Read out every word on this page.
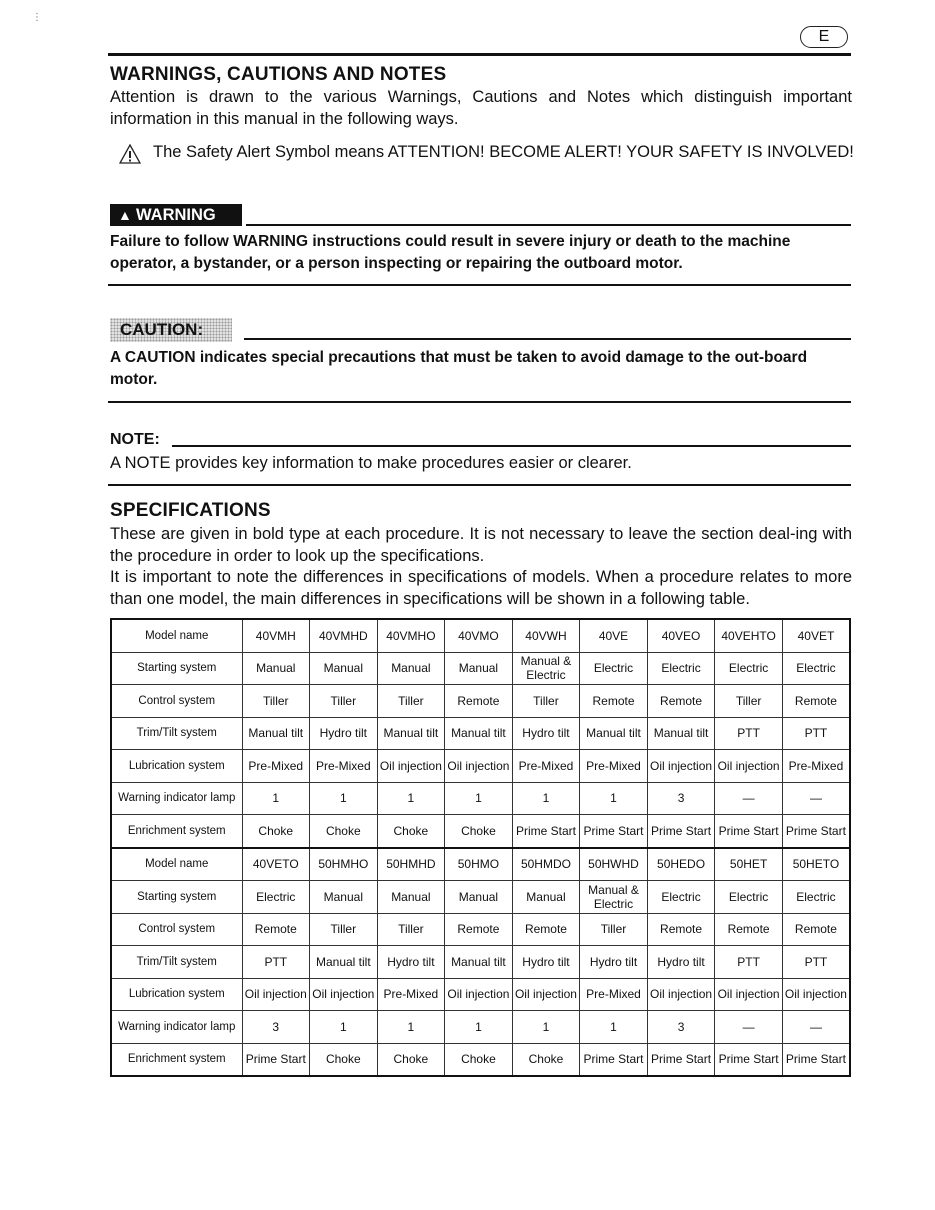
E
WARNINGS, CAUTIONS AND NOTES
Attention is drawn to the various Warnings, Cautions and Notes which distinguish important information in this manual in the following ways.
The Safety Alert Symbol means ATTENTION! BECOME ALERT! YOUR SAFETY IS INVOLVED!
▲ WARNING
Failure to follow WARNING instructions could result in severe injury or death to the machine operator, a bystander, or a person inspecting or repairing the outboard motor.
CAUTION:
A CAUTION indicates special precautions that must be taken to avoid damage to the out-board motor.
NOTE:
A NOTE provides key information to make procedures easier or clearer.
SPECIFICATIONS
These are given in bold type at each procedure. It is not necessary to leave the section deal-ing with the procedure in order to look up the specifications.
It is important to note the differences in specifications of models. When a procedure relates to more than one model, the main differences in specifications will be shown in a following table.
Model name	40VMH	40VMHD	40VMHO	40VMO	40VWH	40VE	40VEO	40VEHTO	40VET
Starting system	Manual	Manual	Manual	Manual	Manual & Electric	Electric	Electric	Electric	Electric
Control system	Tiller	Tiller	Tiller	Remote	Tiller	Remote	Remote	Tiller	Remote
Trim/Tilt system	Manual tilt	Hydro tilt	Manual tilt	Manual tilt	Hydro tilt	Manual tilt	Manual tilt	PTT	PTT
Lubrication system	Pre-Mixed	Pre-Mixed	Oil injection	Oil injection	Pre-Mixed	Pre-Mixed	Oil injection	Oil injection	Pre-Mixed
Warning indicator lamp	1	1	1	1	1	1	3	—	—
Enrichment system	Choke	Choke	Choke	Choke	Prime Start	Prime Start	Prime Start	Prime Start	Prime Start
Model name	40VETO	50HMHO	50HMHD	50HMO	50HMDO	50HWHD	50HEDO	50HET	50HETO
Starting system	Electric	Manual	Manual	Manual	Manual	Manual & Electric	Electric	Electric	Electric
Control system	Remote	Tiller	Tiller	Remote	Remote	Tiller	Remote	Remote	Remote
Trim/Tilt system	PTT	Manual tilt	Hydro tilt	Manual tilt	Hydro tilt	Hydro tilt	Hydro tilt	PTT	PTT
Lubrication system	Oil injection	Oil injection	Pre-Mixed	Oil injection	Oil injection	Pre-Mixed	Oil injection	Oil injection	Oil injection
Warning indicator lamp	3	1	1	1	1	1	3	—	—
Enrichment system	Prime Start	Choke	Choke	Choke	Choke	Prime Start	Prime Start	Prime Start	Prime Start
⋮
